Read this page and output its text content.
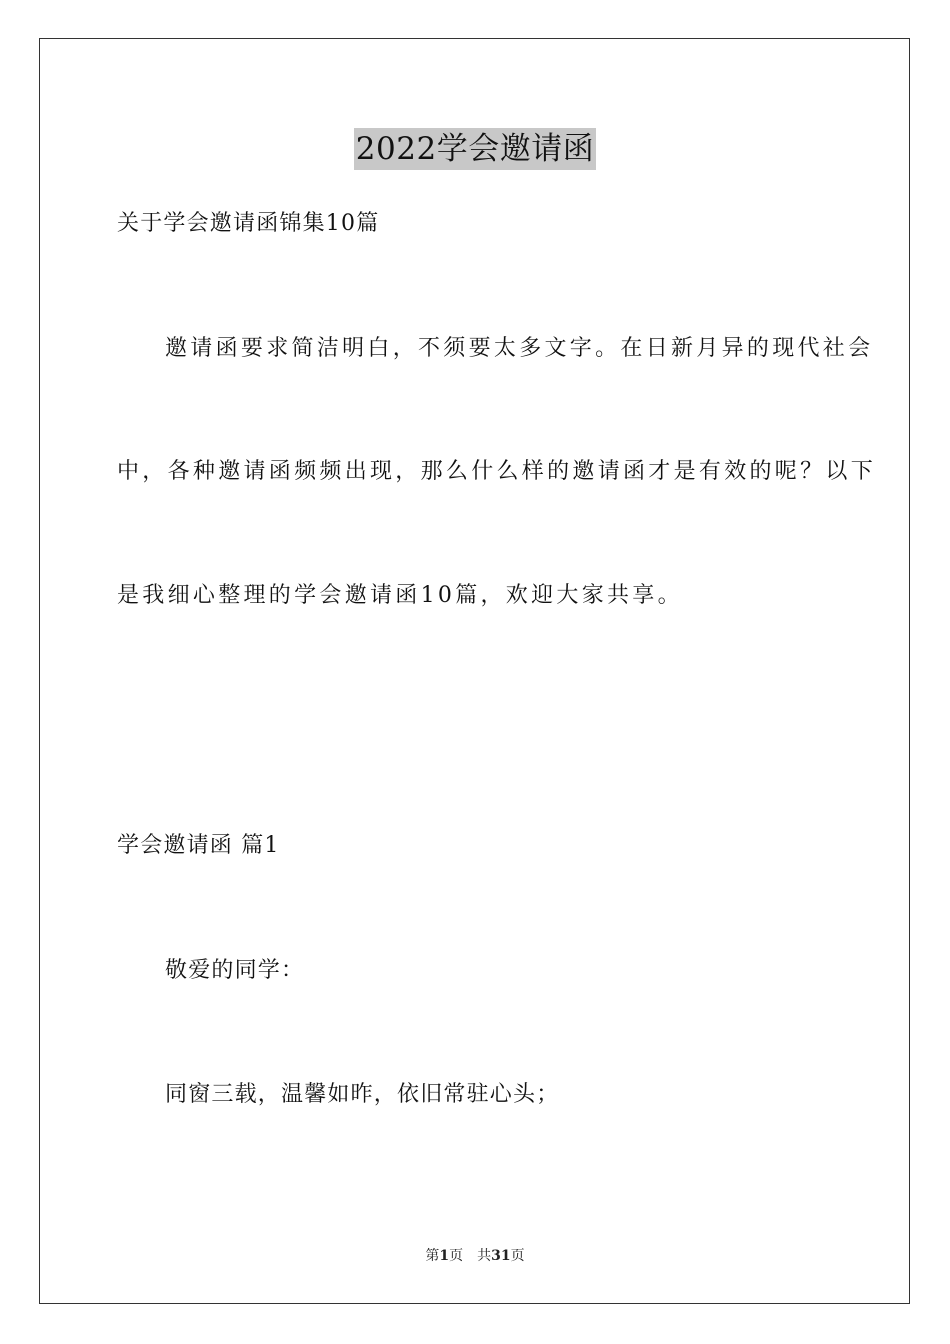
2022学会邀请函
关于学会邀请函锦集10篇
邀请函要求简洁明白，不须要太多文字。在日新月异的现代社会
中，各种邀请函频频出现，那么什么样的邀请函才是有效的呢？以下
是我细心整理的学会邀请函10篇，欢迎大家共享。
学会邀请函 篇1
敬爱的同学：
同窗三载，温馨如昨，依旧常驻心头；
第1页 共31页
